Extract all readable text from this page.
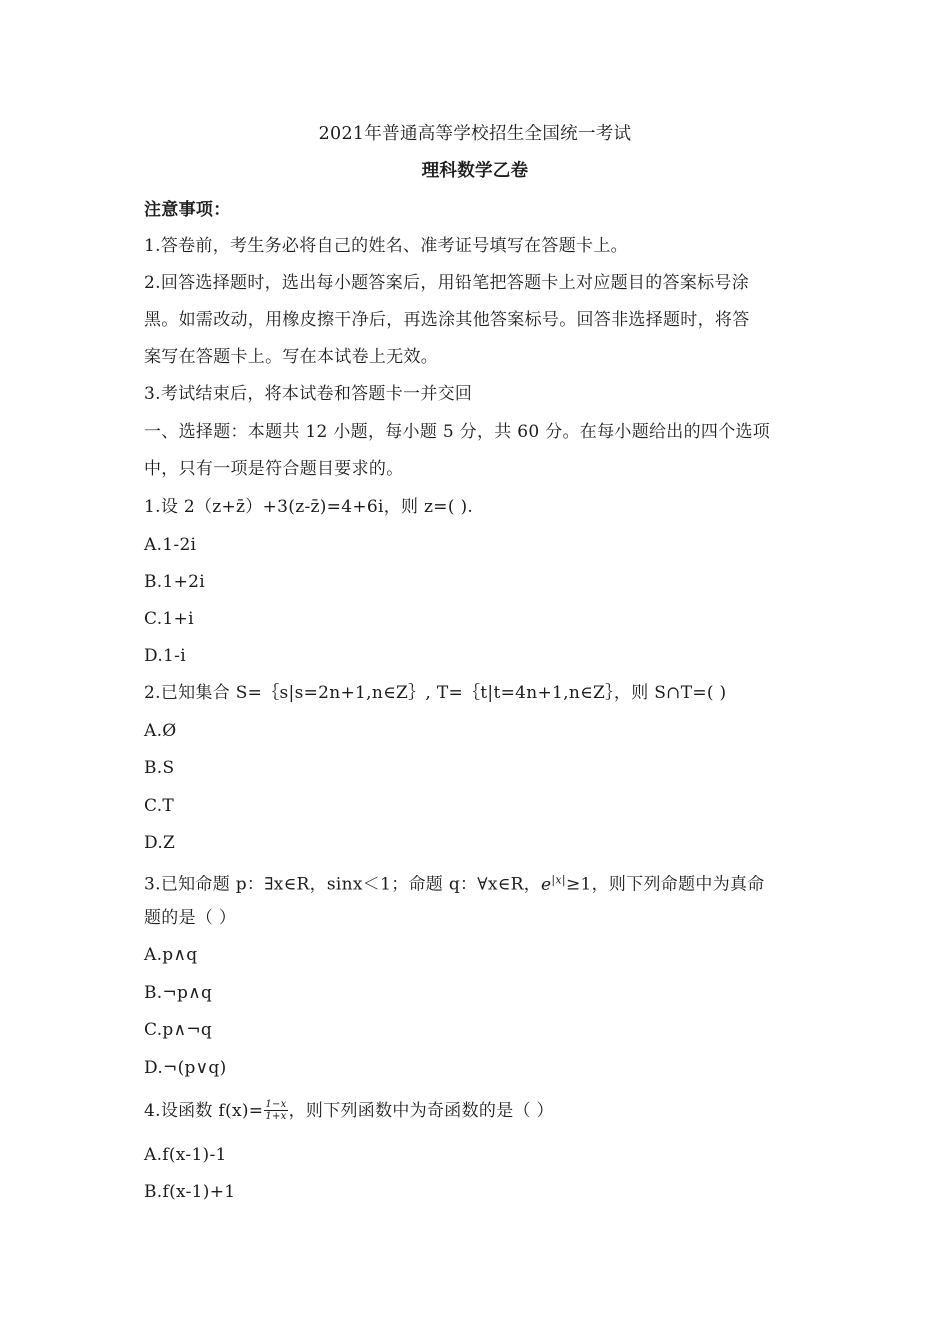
2021年普通高等学校招生全国统一考试
理科数学乙卷
注意事项：
1.答卷前，考生务必将自己的姓名、准考证号填写在答题卡上。
2.回答选择题时，选出每小题答案后，用铅笔把答题卡上对应题目的答案标号涂
黑。如需改动，用橡皮擦干净后，再选涂其他答案标号。回答非选择题时，将答
案写在答题卡上。写在本试卷上无效。
3.考试结束后，将本试卷和答题卡一并交回
一、选择题：本题共 12 小题，每小题 5 分，共 60 分。在每小题给出的四个选项
中，只有一项是符合题目要求的。
1.设 2（z+z̄）+3(z-z̄)=4+6i，则 z=( ).
A.1-2i
B.1+2i
C.1+i
D.1-i
2.已知集合 S=｛s|s=2n+1,n∈Z｝, T=｛t|t=4n+1,n∈Z｝，则 S∩T=( )
A.Ø
B.S
C.T
D.Z
3.已知命题 p：∃x∈R，sinx＜1；命题 q：∀x∈R，$e^{|x|}\ge 1$，则下列命题中为真命
题的是（ ）
A.p∧q
B.¬p∧q
C.p∧¬q
D.¬(p∨q)
4.设函数 $f(x)= \frac{1-x}{1+x}$ ，则下列函数中为奇函数的是（ ）
A.f(x-1)-1
B.f(x-1)+1
